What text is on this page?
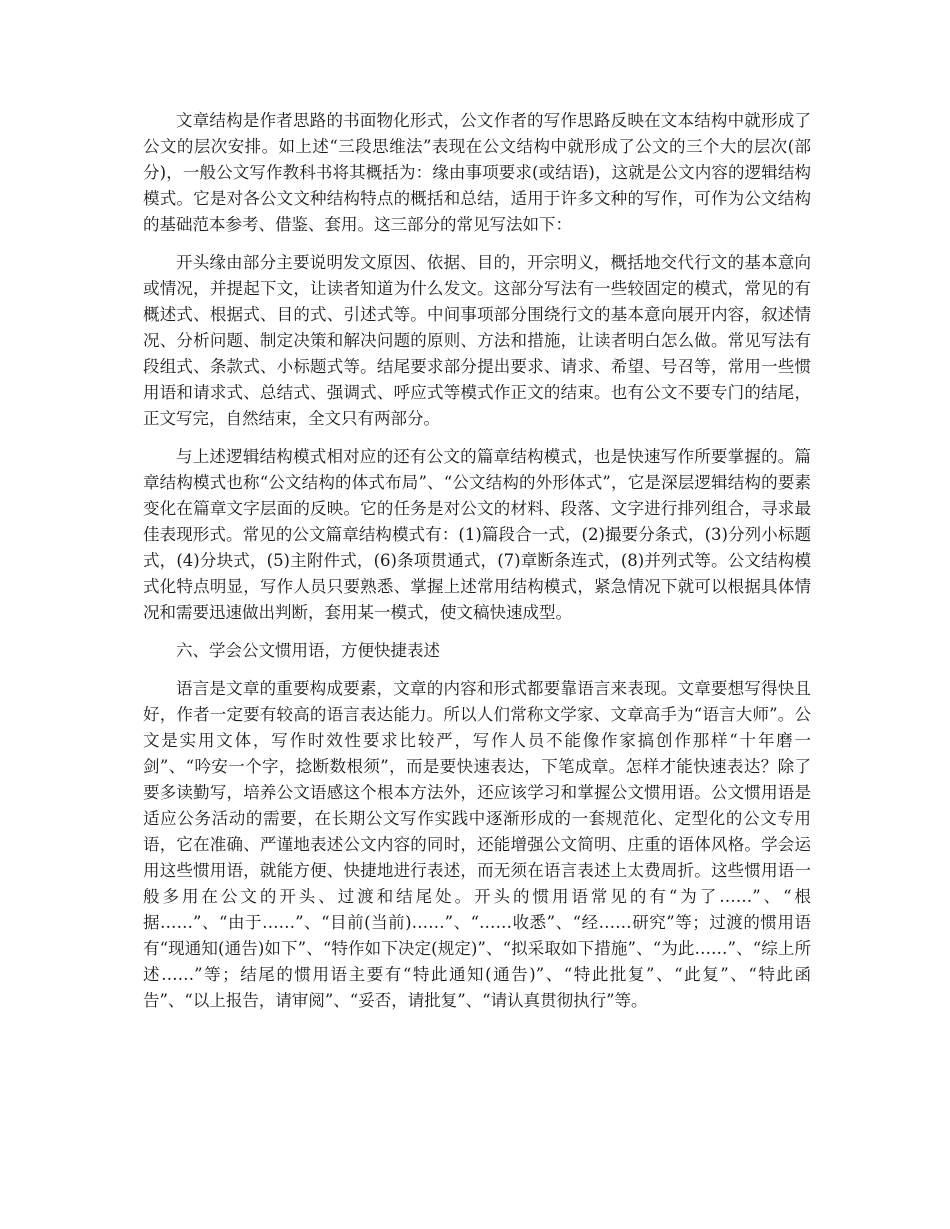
文章结构是作者思路的书面物化形式，公文作者的写作思路反映在文本结构中就形成了公文的层次安排。如上述“三段思维法”表现在公文结构中就形成了公文的三个大的层次(部分)，一般公文写作教科书将其概括为：缘由事项要求(或结语)，这就是公文内容的逻辑结构模式。它是对各公文文种结构特点的概括和总结，适用于许多文种的写作，可作为公文结构的基础范本参考、借鉴、套用。这三部分的常见写法如下：

开头缘由部分主要说明发文原因、依据、目的，开宗明义，概括地交代行文的基本意向或情况，并提起下文，让读者知道为什么发文。这部分写法有一些较固定的模式，常见的有概述式、根据式、目的式、引述式等。中间事项部分围绕行文的基本意向展开内容，叙述情况、分析问题、制定决策和解决问题的原则、方法和措施，让读者明白怎么做。常见写法有段组式、条款式、小标题式等。结尾要求部分提出要求、请求、希望、号召等，常用一些惯用语和请求式、总结式、强调式、呼应式等模式作正文的结束。也有公文不要专门的结尾，正文写完，自然结束，全文只有两部分。

与上述逻辑结构模式相对应的还有公文的篇章结构模式，也是快速写作所要掌握的。篇章结构模式也称“公文结构的体式布局”、“公文结构的外形体式”，它是深层逻辑结构的要素变化在篇章文字层面的反映。它的任务是对公文的材料、段落、文字进行排列组合，寻求最佳表现形式。常见的公文篇章结构模式有：(1)篇段合一式，(2)撮要分条式，(3)分列小标题式，(4)分块式，(5)主附件式，(6)条项贯通式，(7)章断条连式，(8)并列式等。公文结构模式化特点明显，写作人员只要熟悉、掌握上述常用结构模式，紧急情况下就可以根据具体情况和需要迅速做出判断，套用某一模式，使文稿快速成型。

六、学会公文惯用语，方便快捷表述

语言是文章的重要构成要素，文章的内容和形式都要靠语言来表现。文章要想写得快且好，作者一定要有较高的语言表达能力。所以人们常称文学家、文章高手为“语言大师”。公文是实用文体，写作时效性要求比较严，写作人员不能像作家搞创作那样“十年磨一剑”、“吟安一个字，捻断数根须”，而是要快速表达，下笔成章。怎样才能快速表达？除了要多读勤写，培养公文语感这个根本方法外，还应该学习和掌握公文惯用语。公文惯用语是适应公务活动的需要，在长期公文写作实践中逐渐形成的一套规范化、定型化的公文专用语，它在准确、严谨地表述公文内容的同时，还能增强公文简明、庄重的语体风格。学会运用这些惯用语，就能方便、快捷地进行表述，而无须在语言表述上太费周折。这些惯用语一般多用在公文的开头、过渡和结尾处。开头的惯用语常见的有“为了……”、“根据……”、“由于……”、“目前(当前)……”、“……收悉”、“经……研究”等；过渡的惯用语有“现通知(通告)如下”、“特作如下决定(规定)”、“拟采取如下措施”、“为此……”、“综上所述……”等；结尾的惯用语主要有“特此通知(通告)”、“特此批复”、“此复”、“特此函告”、“以上报告，请审阅”、“妥否，请批复”、“请认真贯彻执行”等。
